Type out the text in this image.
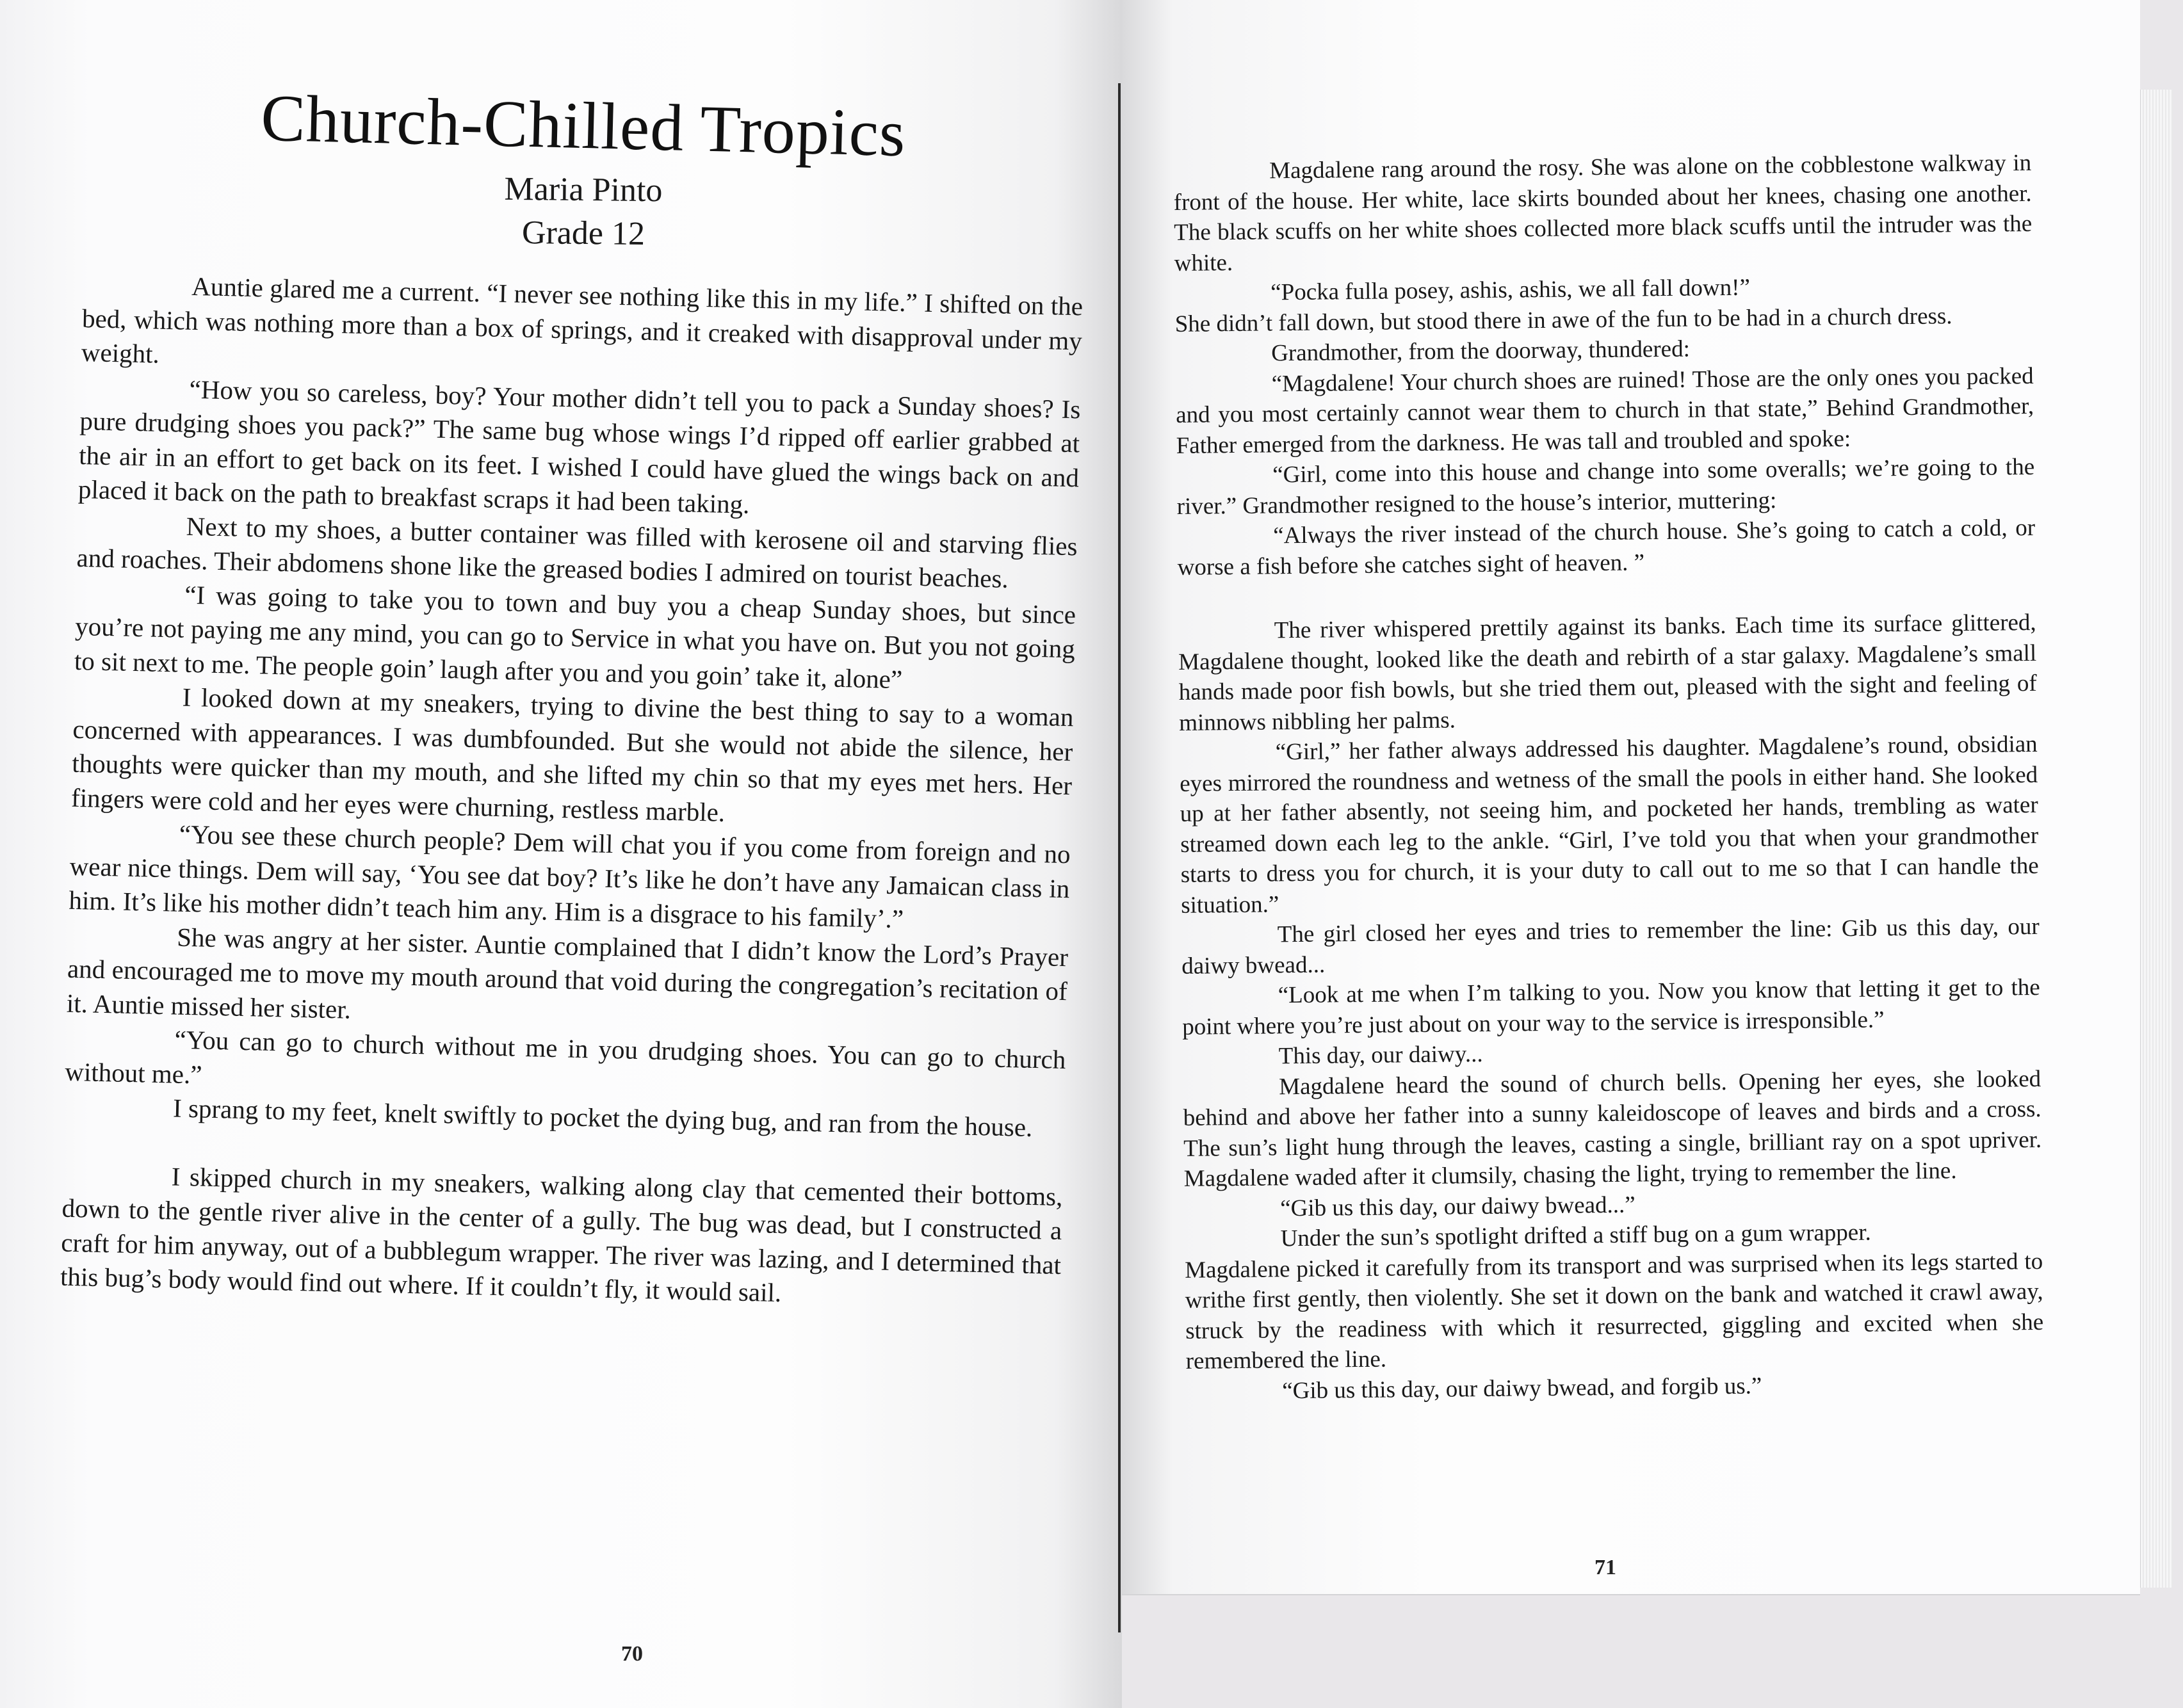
Church-Chilled Tropics
Maria Pinto
Grade 12

Auntie glared me a current. “I never see nothing like this in my life.” I shifted on the bed, which was nothing more than a box of springs, and it creaked with disapproval under my weight.

“How you so careless, boy? Your mother didn’t tell you to pack a Sunday shoes? Is pure drudging shoes you pack?” The same bug whose wings I’d ripped off earlier grabbed at the air in an effort to get back on its feet. I wished I could have glued the wings back on and placed it back on the path to breakfast scraps it had been taking.

Next to my shoes, a butter container was filled with kerosene oil and starving flies and roaches. Their abdomens shone like the greased bodies I admired on tourist beaches.

“I was going to take you to town and buy you a cheap Sunday shoes, but since you’re not paying me any mind, you can go to Service in what you have on. But you not going to sit next to me. The people goin’ laugh after you and you goin’ take it, alone”

I looked down at my sneakers, trying to divine the best thing to say to a woman concerned with appearances. I was dumbfounded. But she would not abide the silence, her thoughts were quicker than my mouth, and she lifted my chin so that my eyes met hers. Her fingers were cold and her eyes were churning, restless marble.

“You see these church people? Dem will chat you if you come from foreign and no wear nice things. Dem will say, ‘You see dat boy? It’s like he don’t have any Jamaican class in him. It’s like his mother didn’t teach him any. Him is a disgrace to his family’.”

She was angry at her sister. Auntie complained that I didn’t know the Lord’s Prayer and encouraged me to move my mouth around that void during the congregation’s recitation of it. Auntie missed her sister.

“You can go to church without me in you drudging shoes. You can go to church without me.”

I sprang to my feet, knelt swiftly to pocket the dying bug, and ran from the house.

I skipped church in my sneakers, walking along clay that cemented their bottoms, down to the gentle river alive in the center of a gully. The bug was dead, but I constructed a craft for him anyway, out of a bubblegum wrapper. The river was lazing, and I determined that this bug’s body would find out where. If it couldn’t fly, it would sail.

70

Magdalene rang around the rosy. She was alone on the cobblestone walkway in front of the house. Her white, lace skirts bounded about her knees, chasing one another. The black scuffs on her white shoes collected more black scuffs until the intruder was the white.

“Pocka fulla posey, ashis, ashis, we all fall down!”

She didn’t fall down, but stood there in awe of the fun to be had in a church dress.

Grandmother, from the doorway, thundered:

“Magdalene! Your church shoes are ruined! Those are the only ones you packed and you most certainly cannot wear them to church in that state,” Behind Grandmother, Father emerged from the darkness. He was tall and troubled and spoke:

“Girl, come into this house and change into some overalls; we’re going to the river.” Grandmother resigned to the house’s interior, muttering:

“Always the river instead of the church house. She’s going to catch a cold, or worse a fish before she catches sight of heaven. ”

The river whispered prettily against its banks. Each time its surface glittered, Magdalene thought, looked like the death and rebirth of a star galaxy. Magdalene’s small hands made poor fish bowls, but she tried them out, pleased with the sight and feeling of minnows nibbling her palms.

“Girl,” her father always addressed his daughter. Magdalene’s round, obsidian eyes mirrored the roundness and wetness of the small the pools in either hand. She looked up at her father absently, not seeing him, and pocketed her hands, trembling as water streamed down each leg to the ankle. “Girl, I’ve told you that when your grandmother starts to dress you for church, it is your duty to call out to me so that I can handle the situation.”

The girl closed her eyes and tries to remember the line: Gib us this day, our daiwy bwead...

“Look at me when I’m talking to you. Now you know that letting it get to the point where you’re just about on your way to the service is irresponsible.”

This day, our daiwy...

Magdalene heard the sound of church bells. Opening her eyes, she looked behind and above her father into a sunny kaleidoscope of leaves and birds and a cross. The sun’s light hung through the leaves, casting a single, brilliant ray on a spot upriver. Magdalene waded after it clumsily, chasing the light, trying to remember the line.

“Gib us this day, our daiwy bwead...”

Under the sun’s spotlight drifted a stiff bug on a gum wrapper.

Magdalene picked it carefully from its transport and was surprised when its legs started to writhe first gently, then violently. She set it down on the bank and watched it crawl away, struck by the readiness with which it resurrected, giggling and excited when she remembered the line.

“Gib us this day, our daiwy bwead, and forgib us.”

71
